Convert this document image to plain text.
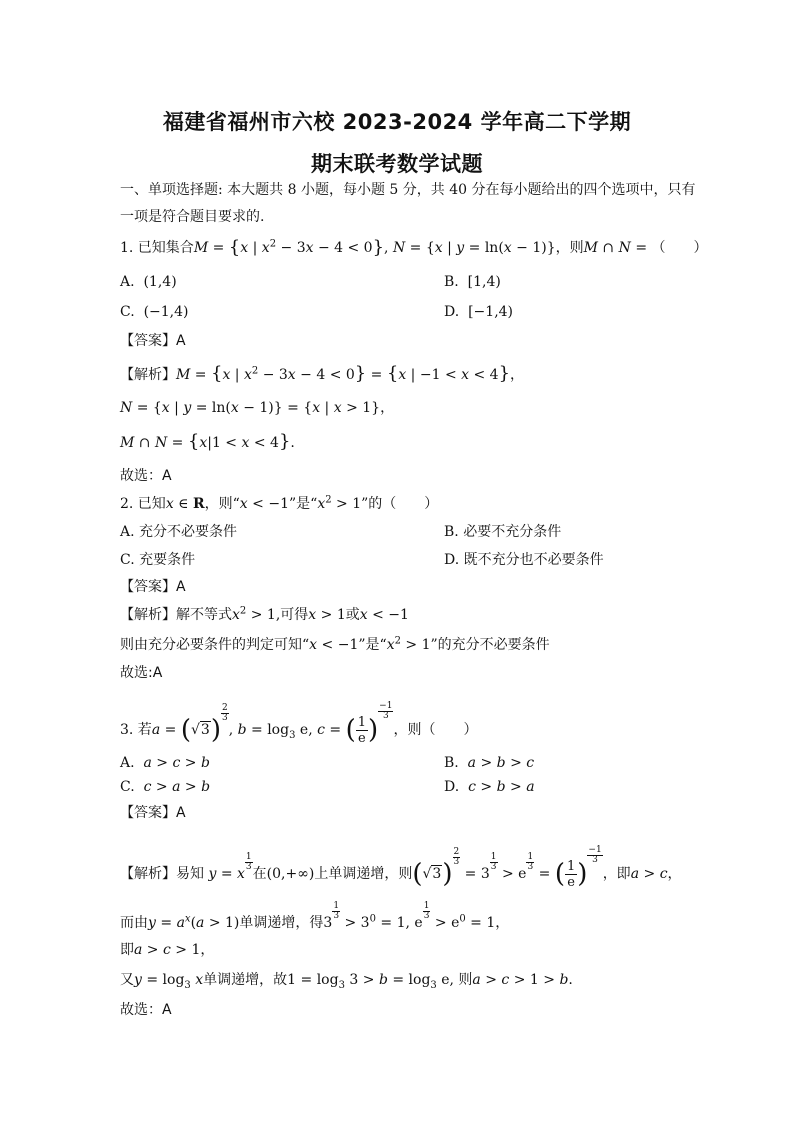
福建省福州市六校 2023-2024 学年高二下学期
期末联考数学试题
一、单项选择题: 本大题共 8 小题，每小题 5 分，共 40 分在每小题给出的四个选项中，只有
一项是符合题目要求的.
1. 已知集合M = {x | $x^2 - 3x - 4 < 0$}, N = {x | y = ln(x − 1)}，则M ∩ N = （　　）
A.  (1,4)	B.  [1,4)
C.  (−1,4)	D.  [−1,4)
【答案】A
【解析】M = {x | $x^2 - 3x - 4 < 0\} = \{x$ | −1 < x < 4}，
N = {x | y = ln(x − 1)} = {x | x > 1}，
M ∩ N = {x|1 < x < 4}.
故选：A
2. 已知x ∈ R，则“x < −1”是“$x^2 > 1$”的（　　）
A. 充分不必要条件	B. 必要不充分条件
C. 充要条件	D. 既不充分也不必要条件
【答案】A
【解析】解不等式$x^2 > 1$,可得x > 1或x < −1
则由充分必要条件的判定可知“x < −1”是“$x^2 > 1$”的充分不必要条件
故选:A
3. 若a = (√3)
$\frac{2}{3}$
, $b = \log_3 e$, c = ( $\frac{1}{e}$ )
$\frac{-1}{3}$
，则（　　）
A. a > c > b	B. a > b > c
C. c > a > b	D. c > b > a
【答案】A
【解析】易知 y = x
$\frac{1}{3}$
在(0,+∞)上单调递增，则(√3)
$\frac{2}{3}$
= 3
$\frac{1}{3}$
> e
$\frac{1}{3}$
= ( $\frac{1}{e}$ )
$\frac{-1}{3}$
，即a > c，
而由$y = a^x(a > 1)$单调递增，得3
$\frac{1}{3}$
> $3^0 = 1$, e
$\frac{1}{3}$
> $e^0 = 1$，
即a > c > 1，
又$y = \log_3 x$单调递增，故$1 = \log_3 3 > b = \log_3 e$, 则a > c > 1 > b.
故选：A
